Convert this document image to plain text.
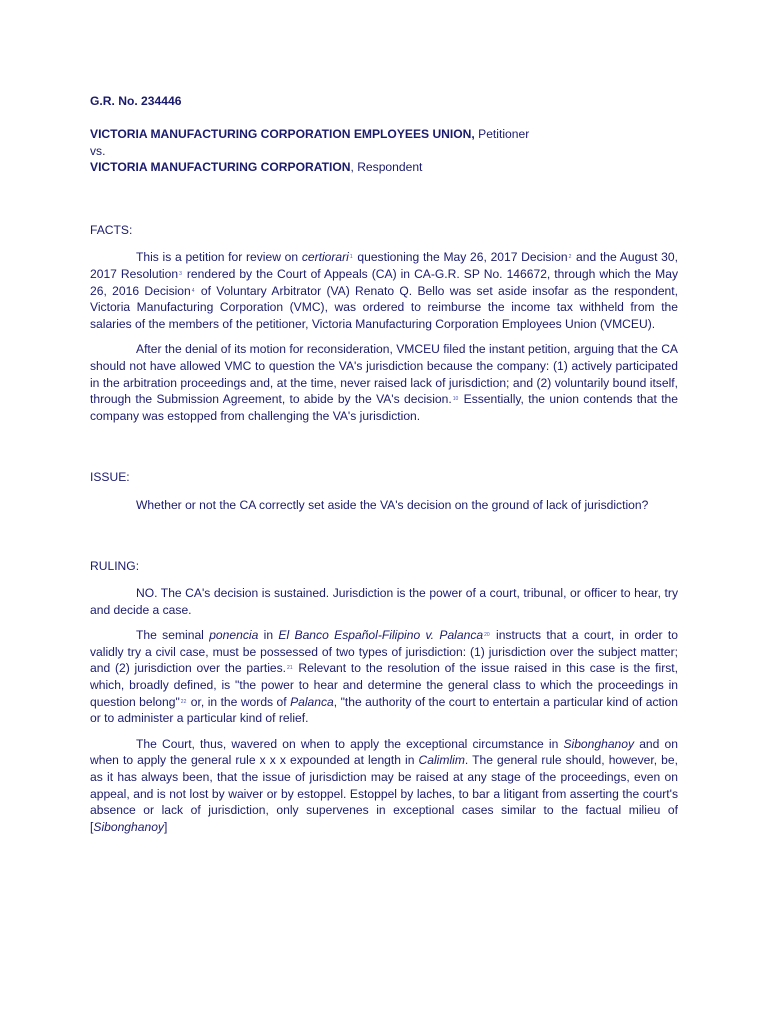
G.R. No. 234446
VICTORIA MANUFACTURING CORPORATION EMPLOYEES UNION, Petitioner
vs.
VICTORIA MANUFACTURING CORPORATION, Respondent
FACTS:

This is a petition for review on certiorari$^1$ questioning the May 26, 2017 Decision$^2$ and the August 30, 2017 Resolution$^3$ rendered by the Court of Appeals (CA) in CA-G.R. SP No. 146672, through which the May 26, 2016 Decision$^4$ of Voluntary Arbitrator (VA) Renato Q. Bello was set aside insofar as the respondent, Victoria Manufacturing Corporation (VMC), was ordered to reimburse the income tax withheld from the salaries of the members of the petitioner, Victoria Manufacturing Corporation Employees Union (VMCEU).

After the denial of its motion for reconsideration, VMCEU filed the instant petition, arguing that the CA should not have allowed VMC to question the VA's jurisdiction because the company: (1) actively participated in the arbitration proceedings and, at the time, never raised lack of jurisdiction; and (2) voluntarily bound itself, through the Submission Agreement, to abide by the VA's decision.$^{10}$ Essentially, the union contends that the company was estopped from challenging the VA's jurisdiction.

ISSUE:

Whether or not the CA correctly set aside the VA's decision on the ground of lack of jurisdiction?

RULING:

NO. The CA's decision is sustained. Jurisdiction is the power of a court, tribunal, or officer to hear, try and decide a case.

The seminal ponencia in El Banco Español-Filipino v. Palanca$^{20}$ instructs that a court, in order to validly try a civil case, must be possessed of two types of jurisdiction: (1) jurisdiction over the subject matter; and (2) jurisdiction over the parties.$^{21}$ Relevant to the resolution of the issue raised in this case is the first, which, broadly defined, is "the power to hear and determine the general class to which the proceedings in question belong"$^{22}$ or, in the words of Palanca, "the authority of the court to entertain a particular kind of action or to administer a particular kind of relief.

The Court, thus, wavered on when to apply the exceptional circumstance in Sibonghanoy and on when to apply the general rule x x x expounded at length in Calimlim. The general rule should, however, be, as it has always been, that the issue of jurisdiction may be raised at any stage of the proceedings, even on appeal, and is not lost by waiver or by estoppel. Estoppel by laches, to bar a litigant from asserting the court's absence or lack of jurisdiction, only supervenes in exceptional cases similar to the factual milieu of [Sibonghanoy]
